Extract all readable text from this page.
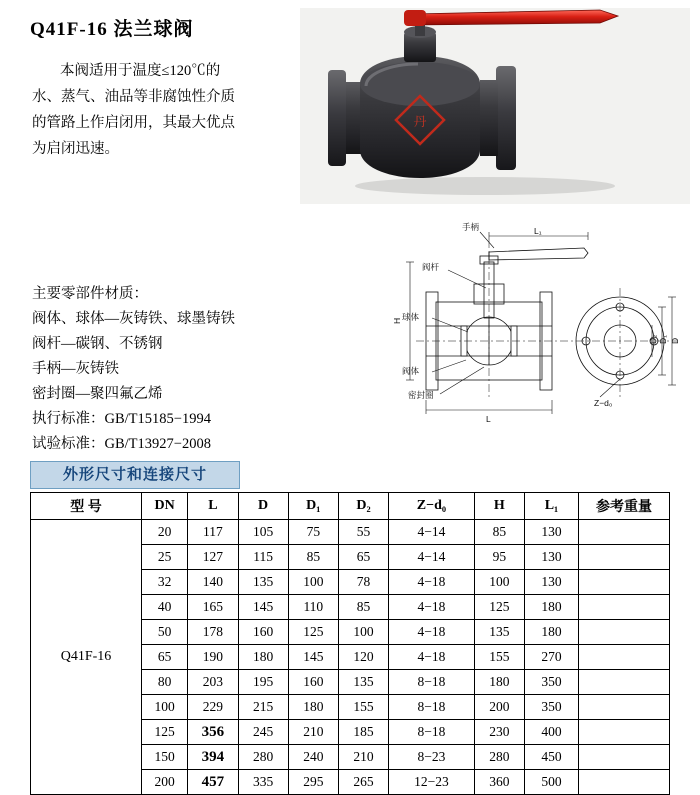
Q41F-16 法兰球阀
本阀适用于温度≤120℃的
水、蒸气、油品等非腐蚀性介质
的管路上作启闭用，其最大优点
为启闭迅速。
丹
主要零部件材质：
阀体、球体—灰铸铁、球墨铸铁
阀杆—碳钢、不锈钢
手柄—灰铸铁
密封圈—聚四氟乙烯
执行标准：GB/T15185−1994
试验标准：GB/T13927−2008
手柄
阀杆
球体
阀体
密封圈
L₁
L
D
D₁
D₂
Z−d₀
H
外形尺寸和连接尺寸
型 号	DN	L	D	D₁	D₂	Z−d₀	H	L₁	参考重量
Q41F-16	20	117	105	75	55	4−14	85	130	
	25	127	115	85	65	4−14	95	130	
	32	140	135	100	78	4−18	100	130	
	40	165	145	110	85	4−18	125	180	
	50	178	160	125	100	4−18	135	180	
	65	190	180	145	120	4−18	155	270	
	80	203	195	160	135	8−18	180	350	
	100	229	215	180	155	8−18	200	350	
	125	356	245	210	185	8−18	230	400	
	150	394	280	240	210	8−23	280	450	
	200	457	335	295	265	12−23	360	500	
